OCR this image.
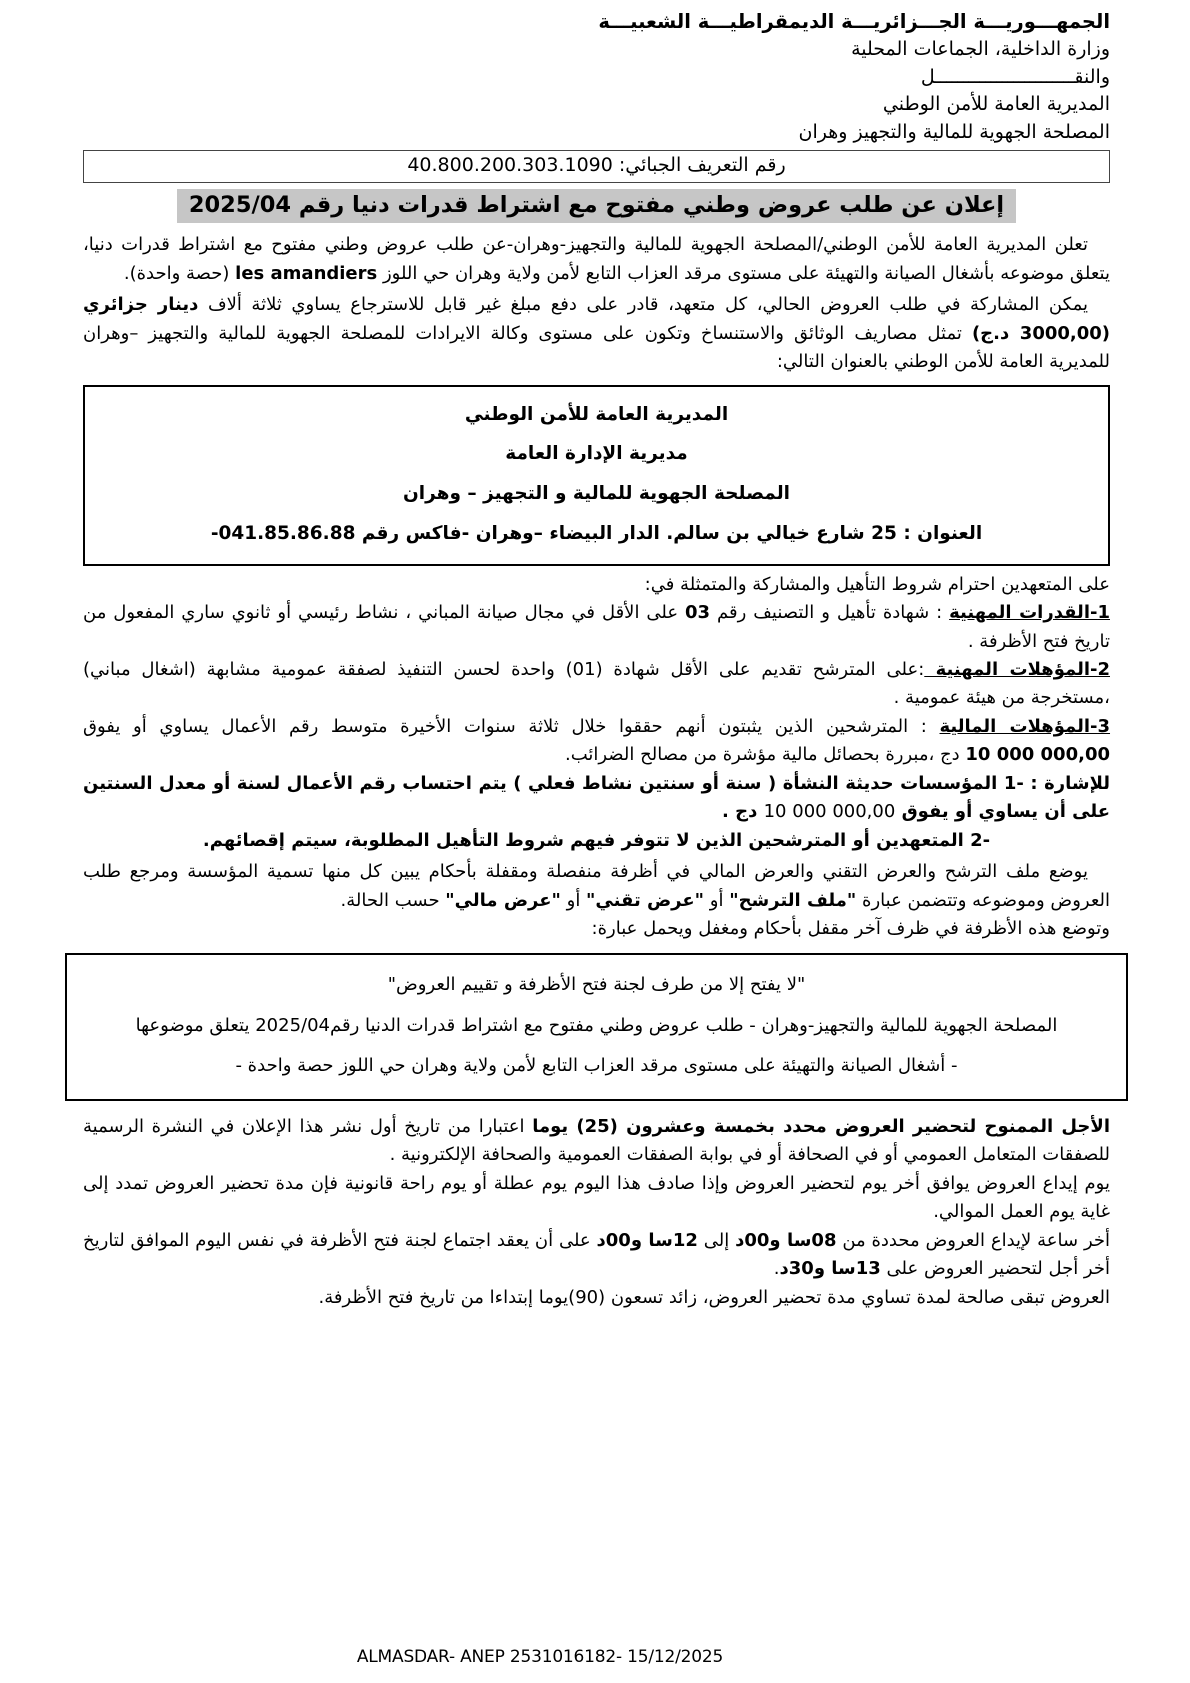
الجمهـــوريـــة الجـــزائريـــة الديمقراطيـــة الشعبيـــة
وزارة الداخلية، الجماعات المحلية
والنقـــــــــــــــــــــــــل
المديرية العامة للأمن الوطني
المصلحة الجهوية للمالية والتجهيز وهران
رقم التعريف الجبائي: 40.800.200.303.1090
إعلان عن طلب عروض وطني مفتوح مع اشتراط قدرات دنيا رقم 2025/04

تعلن المديرية العامة للأمن الوطني/المصلحة الجهوية للمالية والتجهيز-وهران-عن طلب عروض وطني مفتوح مع اشتراط قدرات دنيا، يتعلق موضوعه بأشغال الصيانة والتهيئة على مستوى مرقد العزاب التابع لأمن ولاية وهران حي اللوز les amandiers (حصة واحدة).

يمكن المشاركة في طلب العروض الحالي، كل متعهد، قادر على دفع مبلغ غير قابل للاسترجاع يساوي ثلاثة ألاف دينار جزائري (3000,00 د.ج) تمثل مصاريف الوثائق والاستنساخ وتكون على مستوى وكالة الايرادات للمصلحة الجهوية للمالية والتجهيز –وهران للمديرية العامة للأمن الوطني بالعنوان التالي:

المديرية العامة للأمن الوطني
مديرية الإدارة العامة
المصلحة الجهوية للمالية و التجهيز – وهران
العنوان : 25 شارع خيالي بن سالم. الدار البيضاء –وهران -فاكس رقم 041.85.86.88-

على المتعهدين احترام شروط التأهيل والمشاركة والمتمثلة في:

1-القدرات المهنية : شهادة تأهيل و التصنيف رقم 03 على الأقل في مجال صيانة المباني ، نشاط رئيسي أو ثانوي ساري المفعول من تاريخ فتح الأظرفة .

2-المؤهلات المهنية :على المترشح تقديم على الأقل شهادة (01) واحدة لحسن التنفيذ لصفقة عمومية مشابهة (اشغال مباني) ،مستخرجة من هيئة عمومية .

3-المؤهلات المالية : المترشحين الذين يثبتون أنهم حققوا خلال ثلاثة سنوات الأخيرة متوسط رقم الأعمال يساوي أو يفوق 10 000 000,00 دج ،مبررة بحصائل مالية مؤشرة من مصالح الضرائب.

للإشارة : -1 المؤسسات حديثة النشأة ( سنة أو سنتين نشاط فعلي ) يتم احتساب رقم الأعمال لسنة أو معدل السنتين على أن يساوي أو يفوق 10 000 000,00 دج .

-2 المتعهدين أو المترشحين الذين لا تتوفر فيهم شروط التأهيل المطلوبة، سيتم إقصائهم.

يوضع ملف الترشح والعرض التقني والعرض المالي في أظرفة منفصلة ومقفلة بأحكام يبين كل منها تسمية المؤسسة ومرجع طلب العروض وموضوعه وتتضمن عبارة "ملف الترشح" أو "عرض تقني" أو "عرض مالي" حسب الحالة.

وتوضع هذه الأظرفة في ظرف آخر مقفل بأحكام ومغفل ويحمل عبارة:

"لا يفتح إلا من طرف لجنة فتح الأظرفة و تقييم العروض"
المصلحة الجهوية للمالية والتجهيز-وهران - طلب عروض وطني مفتوح مع اشتراط قدرات الدنيا رقم2025/04 يتعلق موضوعها
- أشغال الصيانة والتهيئة على مستوى مرقد العزاب التابع لأمن ولاية وهران حي اللوز حصة واحدة -

الأجل الممنوح لتحضير العروض محدد بخمسة وعشرون (25) يوما اعتبارا من تاريخ أول نشر هذا الإعلان في النشرة الرسمية للصفقات المتعامل العمومي أو في الصحافة أو في بوابة الصفقات العمومية والصحافة الإلكترونية .

يوم إيداع العروض يوافق أخر يوم لتحضير العروض وإذا صادف هذا اليوم يوم عطلة أو يوم راحة قانونية فإن مدة تحضير العروض تمدد إلى غاية يوم العمل الموالي.

أخر ساعة لإيداع العروض محددة من 08سا و00د إلى 12سا و00د على أن يعقد اجتماع لجنة فتح الأظرفة في نفس اليوم الموافق لتاريخ أخر أجل لتحضير العروض على 13سا و30د.

العروض تبقى صالحة لمدة تساوي مدة تحضير العروض، زائد تسعون (90)يوما إبتداءا من تاريخ فتح الأظرفة.

ALMASDAR- ANEP 2531016182- 15/12/2025
